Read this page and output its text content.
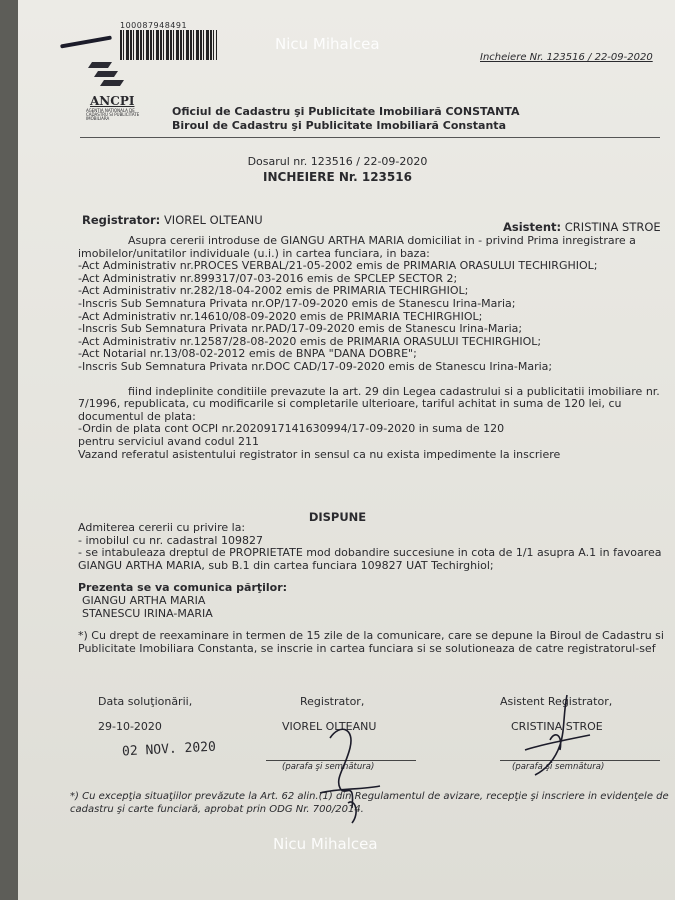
100087948491
Nicu Mihalcea
Incheiere Nr. 123516 / 22-09-2020
ANCPI
AGENTIA NATIONALA DE CADASTRU SI PUBLICITATE IMOBILIARA
Oficiul de Cadastru şi Publicitate Imobiliară CONSTANTA
Biroul de Cadastru şi Publicitate Imobiliară Constanta
Dosarul nr. 123516 / 22-09-2020
INCHEIERE Nr. 123516
Registrator: VIOREL OLTEANU	Asistent: CRISTINA STROE
Asupra cererii introduse de GIANGU ARTHA MARIA domiciliat in - privind Prima inregistrare a imobilelor/unitatilor individuale (u.i.) in cartea funciara, in baza:
-Act Administrativ nr.PROCES VERBAL/21-05-2002 emis de PRIMARIA ORASULUI TECHIRGHIOL;
-Act Administrativ nr.899317/07-03-2016 emis de SPCLEP SECTOR 2;
-Act Administrativ nr.282/18-04-2002 emis de PRIMARIA TECHIRGHIOL;
-Inscris Sub Semnatura Privata nr.OP/17-09-2020 emis de Stanescu Irina-Maria;
-Act Administrativ nr.14610/08-09-2020 emis de PRIMARIA TECHIRGHIOL;
-Inscris Sub Semnatura Privata nr.PAD/17-09-2020 emis de Stanescu Irina-Maria;
-Act Administrativ nr.12587/28-08-2020 emis de PRIMARIA ORASULUI TECHIRGHIOL;
-Act Notarial nr.13/08-02-2012 emis de BNPA "DANA DOBRE";
-Inscris Sub Semnatura Privata nr.DOC CAD/17-09-2020 emis de Stanescu Irina-Maria;
fiind indeplinite conditiile prevazute la art. 29 din Legea cadastrului si a publicitatii imobiliare nr. 7/1996, republicata, cu modificarile si completarile ulterioare, tariful achitat in suma de 120 lei, cu documentul de plata:
-Ordin de plata cont OCPI nr.2020917141630994/17-09-2020 in suma de 120
pentru serviciul avand codul 211
Vazand referatul asistentului registrator in sensul ca nu exista impedimente la inscriere
DISPUNE
Admiterea cererii cu privire la:
- imobilul cu nr. cadastral 109827
- se intabuleaza dreptul de PROPRIETATE mod dobandire succesiune in cota de 1/1 asupra A.1 in favoarea GIANGU ARTHA MARIA, sub B.1 din cartea funciara 109827 UAT Techirghiol;
Prezenta se va comunica părţilor:
GIANGU ARTHA MARIA
STANESCU IRINA-MARIA
*) Cu drept de reexaminare in termen de 15 zile de la comunicare, care se depune la Biroul de Cadastru si Publicitate Imobiliara Constanta, se inscrie in cartea funciara si se solutioneaza de catre registratorul-sef
Data soluţionării,
29-10-2020
02 NOV. 2020
Registrator,
VIOREL OLTEANU
(parafa şi semnătura)
Asistent Registrator,
CRISTINA STROE
(parafa şi semnătura)
*) Cu excepţia situaţiilor prevăzute la Art. 62 alin.(1) din Regulamentul de avizare, recepţie şi inscriere in evidenţele de cadastru şi carte funciară, aprobat prin ODG Nr. 700/2014.
Nicu Mihalcea
